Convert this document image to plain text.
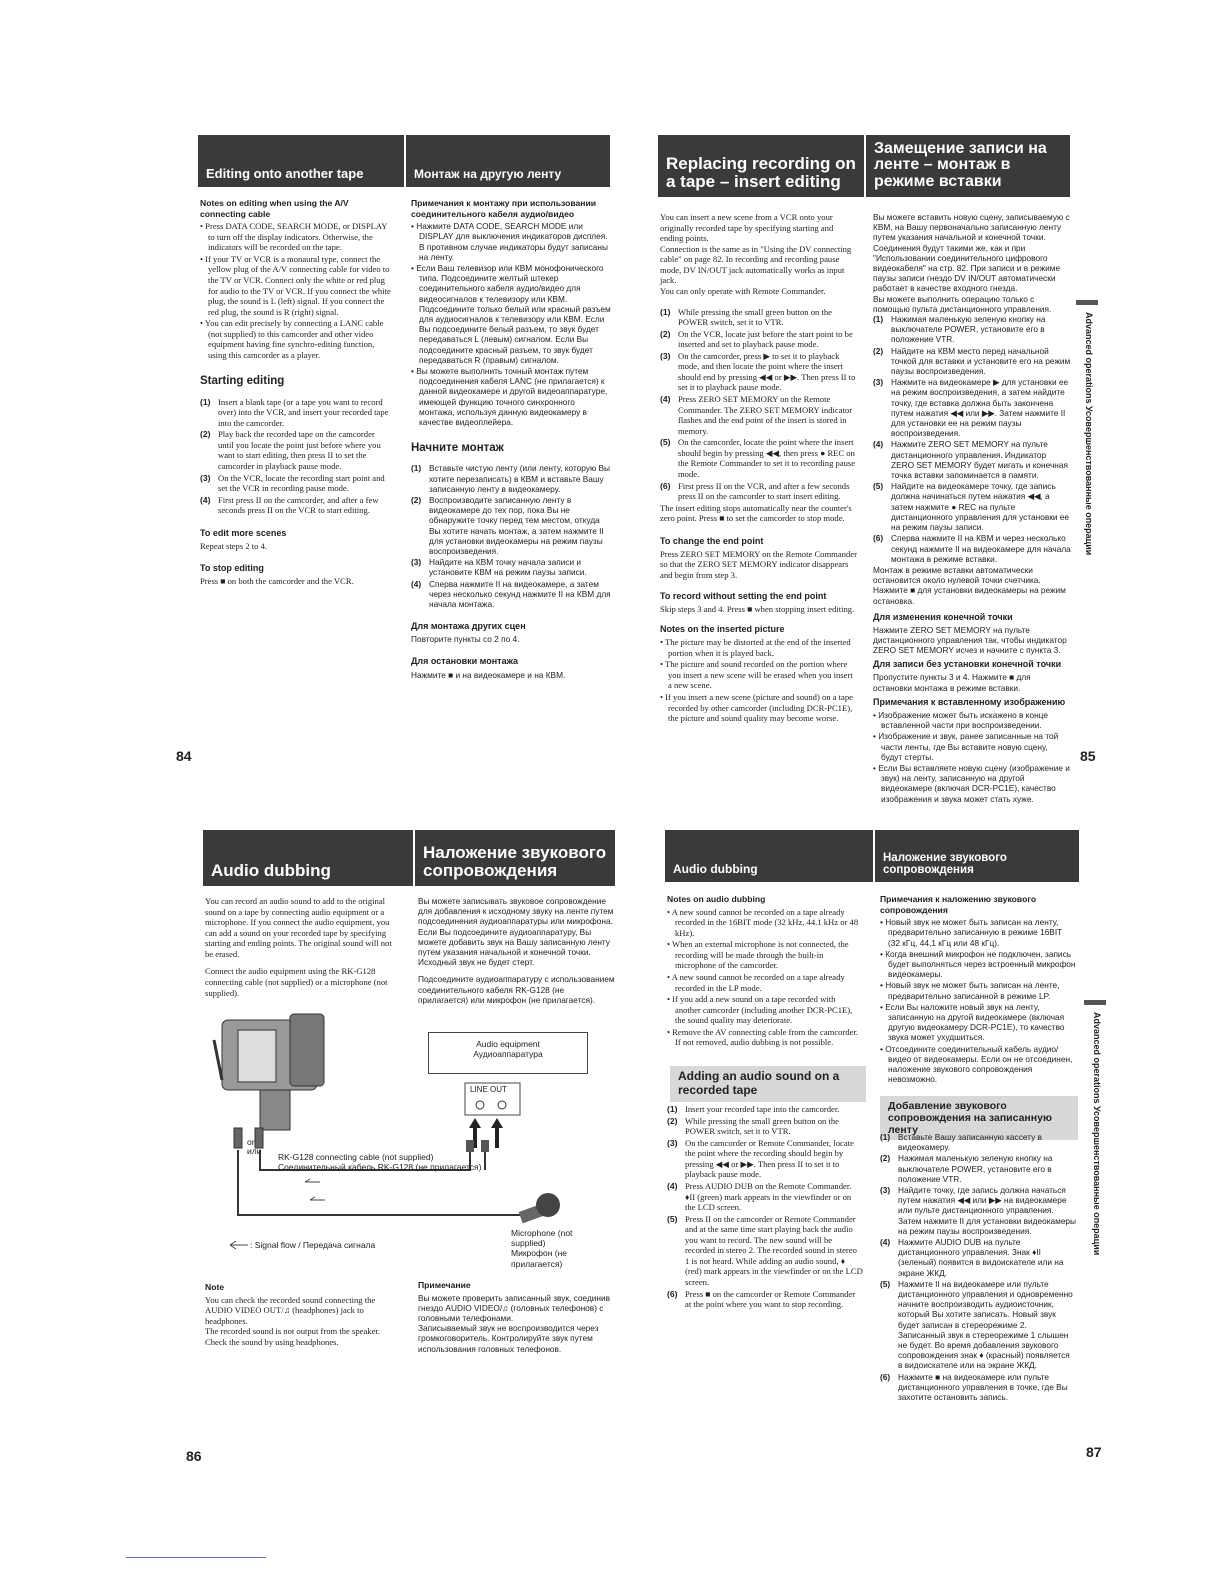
Editing onto another tape	Монтаж на другую ленту
Notes on editing when using the A/V connecting cable
• Press DATA CODE, SEARCH MODE, or DISPLAY to turn off the display indicators. Otherwise, the indicators will be recorded on the tape.
• If your TV or VCR is a monaural type, connect the yellow plug of the A/V connecting cable for video to the TV or VCR. Connect only the white or red plug for audio to the TV or VCR. If you connect the white plug, the sound is L (left) signal. If you connect the red plug, the sound is R (right) signal.
• You can edit precisely by connecting a LANC cable (not supplied) to this camcorder and other video equipment having fine synchro-editing function, using this camcorder as a player.
Starting editing
(1) Insert a blank tape (or a tape you want to record over) into the VCR, and insert your recorded tape into the camcorder.
(2) Play back the recorded tape on the camcorder until you locate the point just before where you want to start editing, then press II to set the camcorder in playback pause mode.
(3) On the VCR, locate the recording start point and set the VCR in recording pause mode.
(4) First press II on the camcorder, and after a few seconds press II on the VCR to start editing.
To edit more scenes
Repeat steps 2 to 4.
To stop editing
Press ■ on both the camcorder and the VCR.
Примечания к монтажу при использовании соединительного кабеля аудио/видео
• Нажмите DATA CODE, SEARCH MODE или DISPLAY для выключения индикаторов дисплея. В противном случае индикаторы будут записаны на ленту.
• Если Ваш телевизор или КВМ монофонического типа. Подсоедините желтый штекер соединительного кабеля аудио/видео для видеосигналов к телевизору или КВМ. Подсоедините только белый или красный разъем для аудиосигналов к телевизору или КВМ. Если Вы подсоедините белый разъем, то звук будет передаваться L (левым) сигналом. Если Вы подсоедините красный разъем, то звук будет передаваться R (правым) сигналом.
• Вы можете выполнить точный монтаж путем подсоединения кабеля LANC (не прилагается) к данной видеокамере и другой видеоаппаратуре, имеющей функцию точного синхронного монтажа, используя данную видеокамеру в качестве видеоплейера.
Начните монтаж
(1) Вставьте чистую ленту (или ленту, которую Вы хотите перезаписать) в КВМ и вставьте Вашу записанную ленту в видеокамеру.
(2) Воспроизводите записанную ленту в видеокамере до тех пор, пока Вы не обнаружите точку перед тем местом, откуда Вы хотите начать монтаж, а затем нажмите II для установки видеокамеры на режим паузы воспроизведения.
(3) Найдите на КВМ точку начала записи и установите КВМ на режим паузы записи.
(4) Сперва нажмите II на видеокамере, а затем через несколько секунд нажмите II на КВМ для начала монтажа.
Для монтажа других сцен
Повторите пункты со 2 по 4.
Для остановки монтажа
Нажмите ■ и на видеокамере и на КВМ.
84
Replacing recording on a tape – insert editing
Замещение записи на ленте – монтаж в режиме вставки
You can insert a new scene from a VCR onto your originally recorded tape by specifying starting and ending points.
Connection is the same as in "Using the DV connecting cable" on page 82. In recording and recording pause mode, DV IN/OUT jack automatically works as input jack.
You can only operate with Remote Commander.
(1) While pressing the small green button on the POWER switch, set it to VTR.
(2) On the VCR, locate just before the start point to be inserted and set to playback pause mode.
(3) On the camcorder, press ▶ to set it to playback mode, and then locate the point where the insert should end by pressing ◀◀ or ▶▶. Then press II to set it to playback pause mode.
(4) Press ZERO SET MEMORY on the Remote Commander. The ZERO SET MEMORY indicator flashes and the end point of the insert is stored in memory.
(5) On the camcorder, locate the point where the insert should begin by pressing ◀◀, then press ● REC on the Remote Commander to set it to recording pause mode.
(6) First press II on the VCR, and after a few seconds press II on the camcorder to start insert editing.
The insert editing stops automatically near the counter's zero point. Press ■ to set the camcorder to stop mode.
To change the end point
Press ZERO SET MEMORY on the Remote Commander so that the ZERO SET MEMORY indicator disappears and begin from step 3.
To record without setting the end point
Skip steps 3 and 4. Press ■ when stopping insert editing.
Notes on the inserted picture
• The picture may be distorted at the end of the inserted portion when it is played back.
• The picture and sound recorded on the portion where you insert a new scene will be erased when you insert a new scene.
• If you insert a new scene (picture and sound) on a tape recorded by other camcorder (including DCR-PC1E), the picture and sound quality may become worse.
Вы можете вставить новую сцену, записываемую с КВМ, на Вашу первоначально записанную ленту путем указания начальной и конечной точки. Соединения будут такими же, как и при "Использовании соединительного цифрового видеокабеля" на стр. 82. При записи и в режиме паузы записи гнездо DV IN/OUT автоматически работает в качестве входного гнезда.
Вы можете выполнить операцию только с помощью пульта дистанционного управления.
(1) Нажимая маленькую зеленую кнопку на выключателе POWER, установите его в положение VTR.
(2) Найдите на КВМ место перед начальной точкой для вставки и установите его на режим паузы воспроизведения.
(3) Нажмите на видеокамере ▶ для установки ее на режим воспроизведения, а затем найдите точку, где вставка должна быть закончена путем нажатия ◀◀ или ▶▶. Затем нажмите II для установки ее на режим паузы воспроизведения.
(4) Нажмите ZERO SET MEMORY на пульте дистанционного управления. Индикатор ZERO SET MEMORY будет мигать и конечная точка вставки запоминается в памяти.
(5) Найдите на видеокамере точку, где запись должна начинаться путем нажатия ◀◀, а затем нажмите ● REC на пульте дистанционного управления для установки ее на режим паузы записи.
(6) Сперва нажмите II на КВМ и через несколько секунд нажмите II на видеокамере для начала монтажа в режиме вставки.
Монтаж в режиме вставки автоматически остановится около нулевой точки счетчика. Нажмите ■ для установки видеокамеры на режим остановка.
Для изменения конечной точки
Нажмите ZERO SET MEMORY на пульте дистанционного управления так, чтобы индикатор ZERO SET MEMORY исчез и начните с пункта 3.
Для записи без установки конечной точки
Пропустите пункты 3 и 4. Нажмите ■ для остановки монтажа в режиме вставки.
Примечания к вставленному изображению
• Изображение может быть искажено в конце вставленной части при воспроизведении.
• Изображение и звук, ранее записанные на той части ленты, где Вы вставите новую сцену, будут стерты.
• Если Вы вставляете новую сцену (изображение и звук) на ленту, записанную на другой видеокамере (включая DCR-PC1E), качество изображения и звука может стать хуже.
Advanced operations Усовершенствованные операции
85
Audio dubbing
Наложение звукового сопровождения

You can record an audio sound to add to the original sound on a tape by connecting audio equipment or a microphone. If you connect the audio equipment, you can add a sound on your recorded tape by specifying starting and ending points. The original sound will not be erased.

Connect the audio equipment using the RK-G128 connecting cable (not supplied) or a microphone (not supplied).

Вы можете записывать звуковое сопровождение для добавления к исходному звуку на ленте путем подсоединения аудиоаппаратуры или микрофона. Если Вы подсоедините аудиоаппаратуру, Вы можете добавить звук на Вашу записанную ленту путем указания начальной и конечной точки. Исходный звук не будет стерт.

Подсоедините аудиоаппаратуру с использованием соединительного кабеля RK-G128 (не прилагается) или микрофон (не прилагается).

Audio equipment
Аудиоаппаратура
LINE OUT
or
или
RK-G128 connecting cable (not supplied)
Соединительный кабель RK-G128 (не прилагается)
: Signal flow / Передача сигнала
Microphone (not supplied)
Микрофон (не прилагается)
Note
You can check the recorded sound connecting the AUDIO VIDEO OUT/♫ (headphones) jack to headphones.
The recorded sound is not output from the speaker. Check the sound by using headphones.
Примечание
Вы можете проверить записанный звук, соединив гнездо AUDIO VIDEO/♫ (головных телефонов) с головными телефонами.
Записываемый звук не воспроизводится через громкоговоритель. Контролируйте звук путем использования головных телефонов.
86
Audio dubbing
Наложение звукового сопровождения
Notes on audio dubbing
• A new sound cannot be recorded on a tape already recorded in the 16BIT mode (32 kHz, 44.1 kHz or 48 kHz).
• When an external microphone is not connected, the recording will be made through the built-in microphone of the camcorder.
• A new sound cannot be recorded on a tape already recorded in the LP mode.
• If you add a new sound on a tape recorded with another camcorder (including another DCR-PC1E), the sound quality may deteriorate.
• Remove the AV connecting cable from the camcorder. If not removed, audio dubbing is not possible.
Adding an audio sound on a recorded tape
(1) Insert your recorded tape into the camcorder.
(2) While pressing the small green button on the POWER switch, set it to VTR.
(3) On the camcorder or Remote Commander, locate the point where the recording should begin by pressing ◀◀ or ▶▶. Then press II to set it to playback pause mode.
(4) Press AUDIO DUB on the Remote Commander. ♦II (green) mark appears in the viewfinder or on the LCD screen.
(5) Press II on the camcorder or Remote Commander and at the same time start playing back the audio you want to record. The new sound will be recorded in stereo 2. The recorded sound in stereo 1 is not heard. While adding an audio sound, ♦ (red) mark appears in the viewfinder or on the LCD screen.
(6) Press ■ on the camcorder or Remote Commander at the point where you want to stop recording.
Примечания к наложению звукового сопровождения
• Новый звук не может быть записан на ленту, предварительно записанную в режиме 16BIT (32 кГц, 44,1 кГц или 48 кГц).
• Когда внешний микрофон не подключен, запись будет выполняться через встроенный микрофон видеокамеры.
• Новый звук не может быть записан на ленте, предварительно записанной в режиме LP.
• Если Вы наложите новый звук на ленту, записанную на другой видеокамере (включая другую видеокамеру DCR-PC1E), то качество звука может ухудшиться.
• Отсоедините соединительный кабель аудио/видео от видеокамеры. Если он не отсоединен, наложение звукового сопровождения невозможно.
Добавление звукового сопровождения на записанную ленту
(1) Вставьте Вашу записанную кассету в видеокамеру.
(2) Нажимая маленькую зеленую кнопку на выключателе POWER, установите его в положение VTR.
(3) Найдите точку, где запись должна начаться путем нажатия ◀◀ или ▶▶ на видеокамере или пульте дистанционного управления. Затем нажмите II для установки видеокамеры на режим паузы воспроизведения.
(4) Нажмите AUDIO DUB на пульте дистанционного управления. Знак ♦II (зеленый) появится в видоискателе или на экране ЖКД.
(5) Нажмите II на видеокамере или пульте дистанционного управления и одновременно начните воспроизводить аудиоисточник, который Вы хотите записать. Новый звук будет записан в стереорежиме 2. Записанный звук в стереорежиме 1 слышен не будет. Во время добавления звукового сопровождения знак ♦ (красный) появляется в видоискателе или на экране ЖКД.
(6) Нажмите ■ на видеокамере или пульте дистанционного управления в точке, где Вы захотите остановить запись.
Advanced operations Усовершенствованные операции
87
